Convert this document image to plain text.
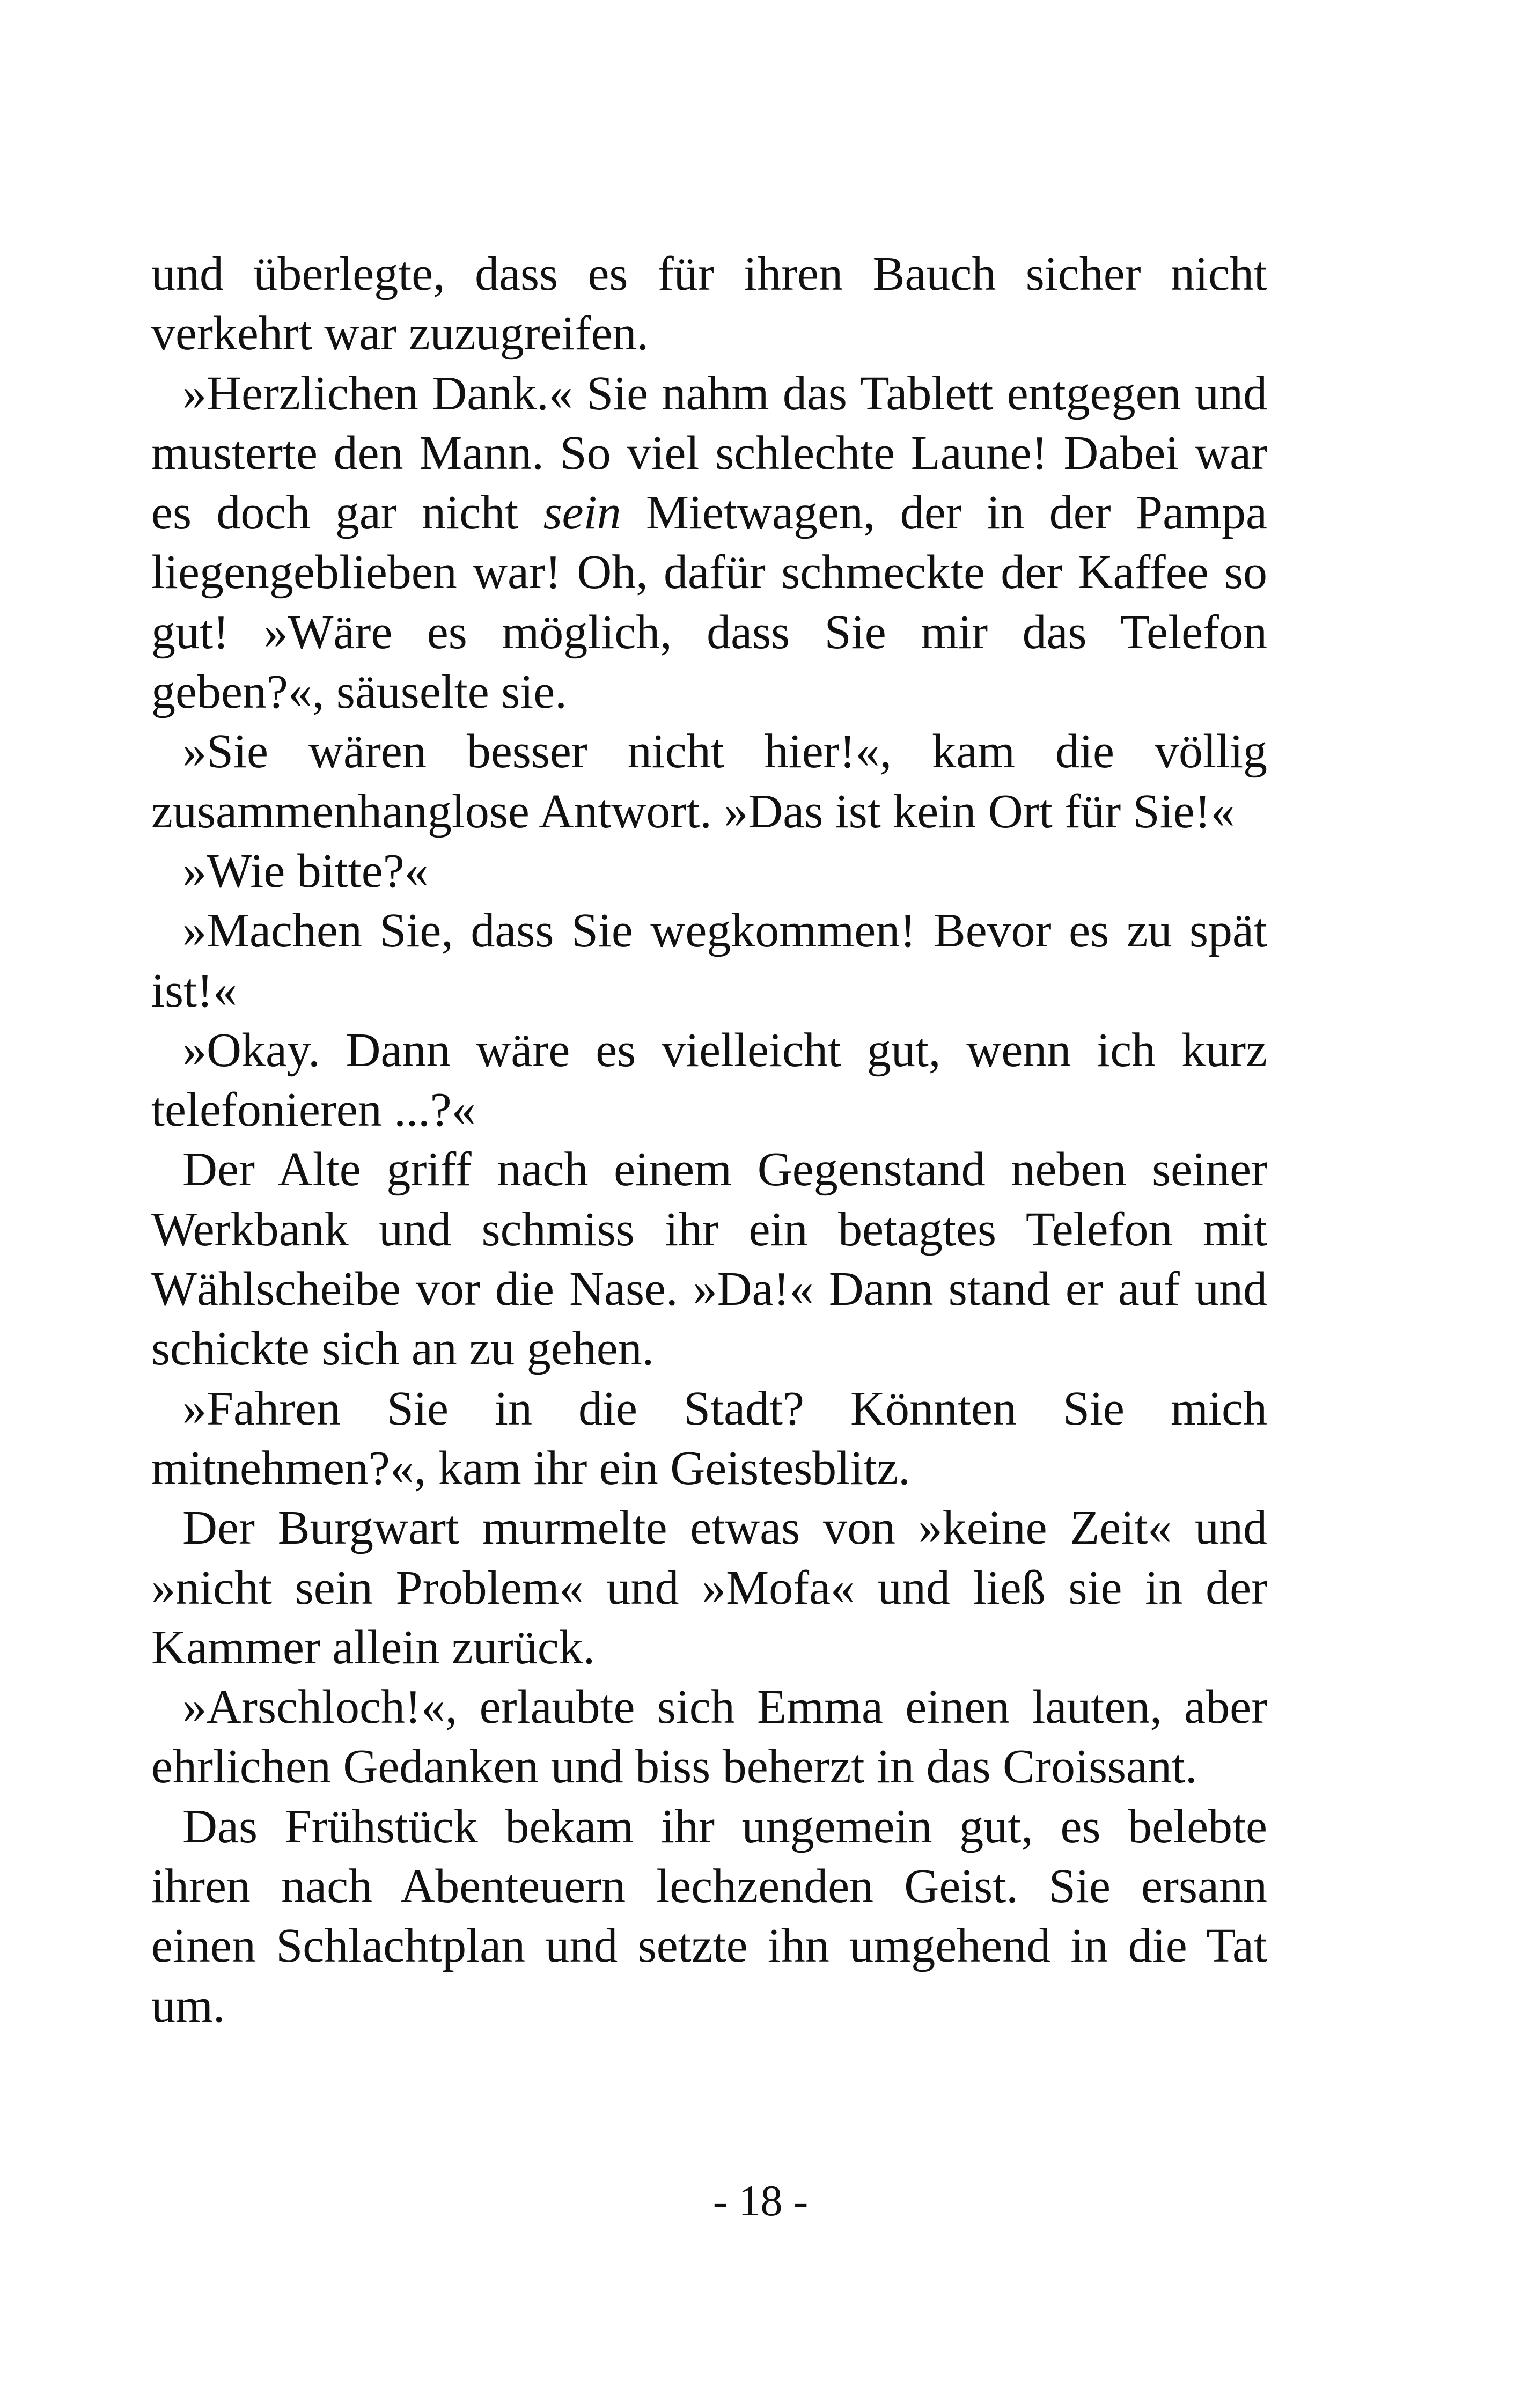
und überlegte, dass es für ihren Bauch sicher nicht verkehrt war zuzugreifen.

»Herzlichen Dank.« Sie nahm das Tablett entgegen und musterte den Mann. So viel schlechte Laune! Dabei war es doch gar nicht sein Mietwagen, der in der Pampa liegengeblieben war! Oh, dafür schmeckte der Kaffee so gut! »Wäre es möglich, dass Sie mir das Telefon geben?«, säuselte sie.

»Sie wären besser nicht hier!«, kam die völlig zusammenhanglose Antwort. »Das ist kein Ort für Sie!«

»Wie bitte?«

»Machen Sie, dass Sie wegkommen! Bevor es zu spät ist!«

»Okay. Dann wäre es vielleicht gut, wenn ich kurz telefonieren ...?«

Der Alte griff nach einem Gegenstand neben seiner Werkbank und schmiss ihr ein betagtes Telefon mit Wählscheibe vor die Nase. »Da!« Dann stand er auf und schickte sich an zu gehen.

»Fahren Sie in die Stadt? Könnten Sie mich mitnehmen?«, kam ihr ein Geistesblitz.

Der Burgwart murmelte etwas von »keine Zeit« und »nicht sein Problem« und »Mofa« und ließ sie in der Kammer allein zurück.

»Arschloch!«, erlaubte sich Emma einen lauten, aber ehrlichen Gedanken und biss beherzt in das Croissant.

Das Frühstück bekam ihr ungemein gut, es belebte ihren nach Abenteuern lechzenden Geist. Sie ersann einen Schlachtplan und setzte ihn umgehend in die Tat um.

- 18 -
